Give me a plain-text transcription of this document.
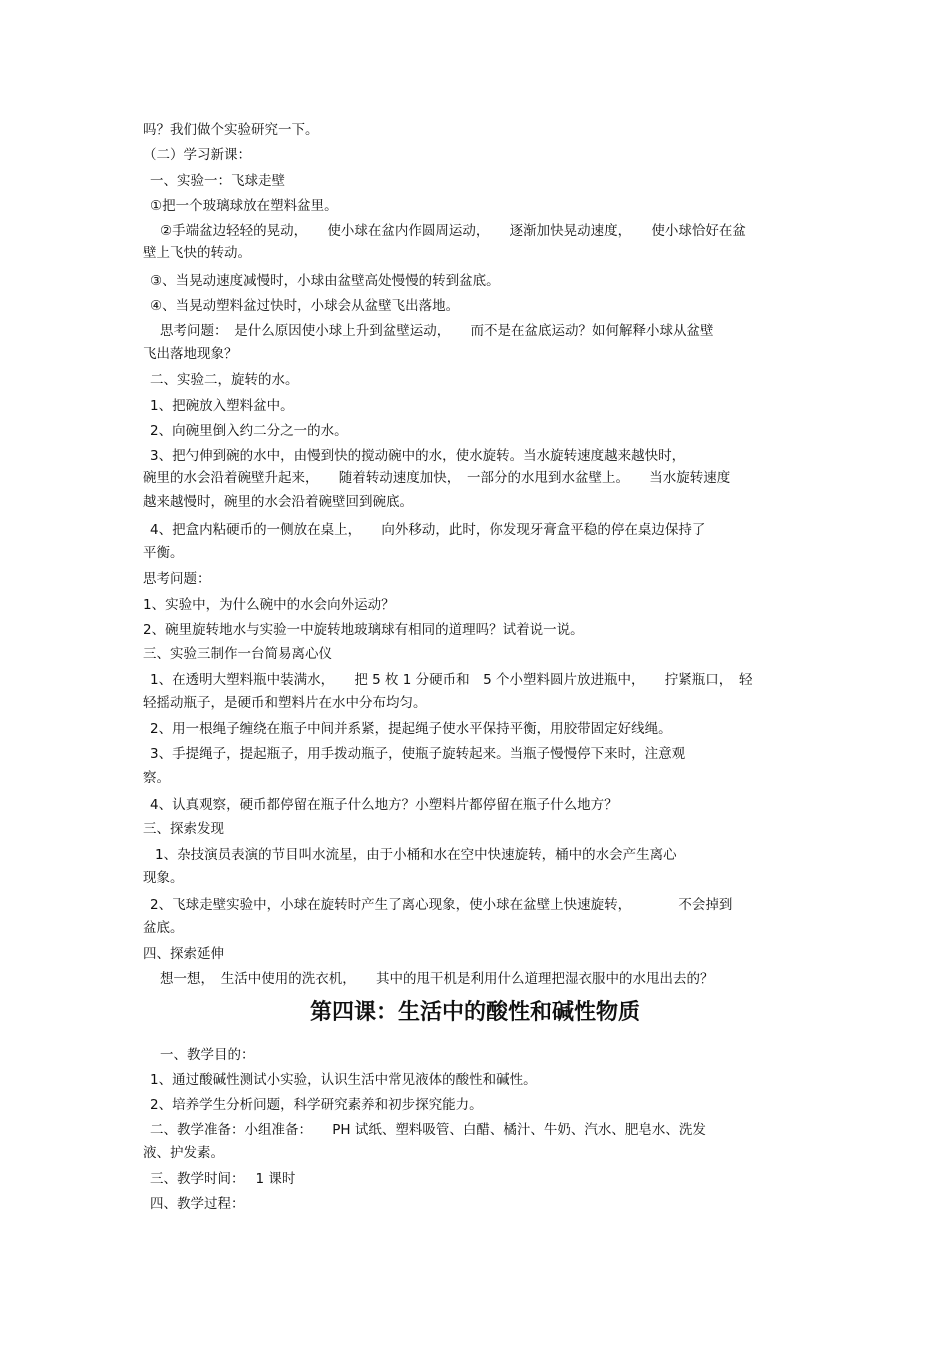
吗？我们做个实验研究一下。

（二）学习新课：

一、实验一：飞球走壁

①把一个玻璃球放在塑料盆里。

②手端盆边轻轻的晃动，　　使小球在盆内作圆周运动，　　逐渐加快晃动速度，　　使小球恰好在盆

壁上飞快的转动。

③、当晃动速度减慢时，小球由盆壁高处慢慢的转到盆底。

④、当晃动塑料盆过快时，小球会从盆壁飞出落地。

思考问题：　是什么原因使小球上升到盆壁运动，　　而不是在盆底运动？如何解释小球从盆壁

飞出落地现象？

二、实验二，旋转的水。

1、把碗放入塑料盆中。

2、向碗里倒入约二分之一的水。

3、把勺伸到碗的水中，由慢到快的搅动碗中的水，使水旋转。当水旋转速度越来越快时，

碗里的水会沿着碗壁升起来，　　随着转动速度加快，　一部分的水甩到水盆壁上。　　当水旋转速度

越来越慢时，碗里的水会沿着碗壁回到碗底。

4、把盒内粘硬币的一侧放在桌上，　　向外移动，此时，你发现牙膏盒平稳的停在桌边保持了

平衡。

思考问题：

1、实验中，为什么碗中的水会向外运动？

2、碗里旋转地水与实验一中旋转地玻璃球有相同的道理吗？试着说一说。

三、实验三制作一台简易离心仪

1、在透明大塑料瓶中装满水，　　把 5 枚 1 分硬币和　5 个小塑料圆片放进瓶中，　　拧紧瓶口，　轻

轻摇动瓶子，是硬币和塑料片在水中分布均匀。

2、用一根绳子缠绕在瓶子中间并系紧，提起绳子使水平保持平衡，用胶带固定好线绳。

3、手提绳子，提起瓶子，用手拨动瓶子，使瓶子旋转起来。当瓶子慢慢停下来时，注意观

察。

4、认真观察，硬币都停留在瓶子什么地方？小塑料片都停留在瓶子什么地方？

三、探索发现

1、杂技演员表演的节目叫水流星，由于小桶和水在空中快速旋转，桶中的水会产生离心

现象。

2、飞球走壁实验中，小球在旋转时产生了离心现象，使小球在盆壁上快速旋转，　　　　不会掉到

盆底。

四、探索延伸

想一想，　生活中使用的洗衣机，　　其中的甩干机是利用什么道理把湿衣服中的水甩出去的？

第四课：生活中的酸性和碱性物质

一、教学目的：

1、通过酸碱性测试小实验，认识生活中常见液体的酸性和碱性。

2、培养学生分析问题，科学研究素养和初步探究能力。

二、教学准备：小组准备：　　PH 试纸、塑料吸管、白醋、橘汁、牛奶、汽水、肥皂水、洗发

液、护发素。

三、教学时间：　 1 课时

四、教学过程：
